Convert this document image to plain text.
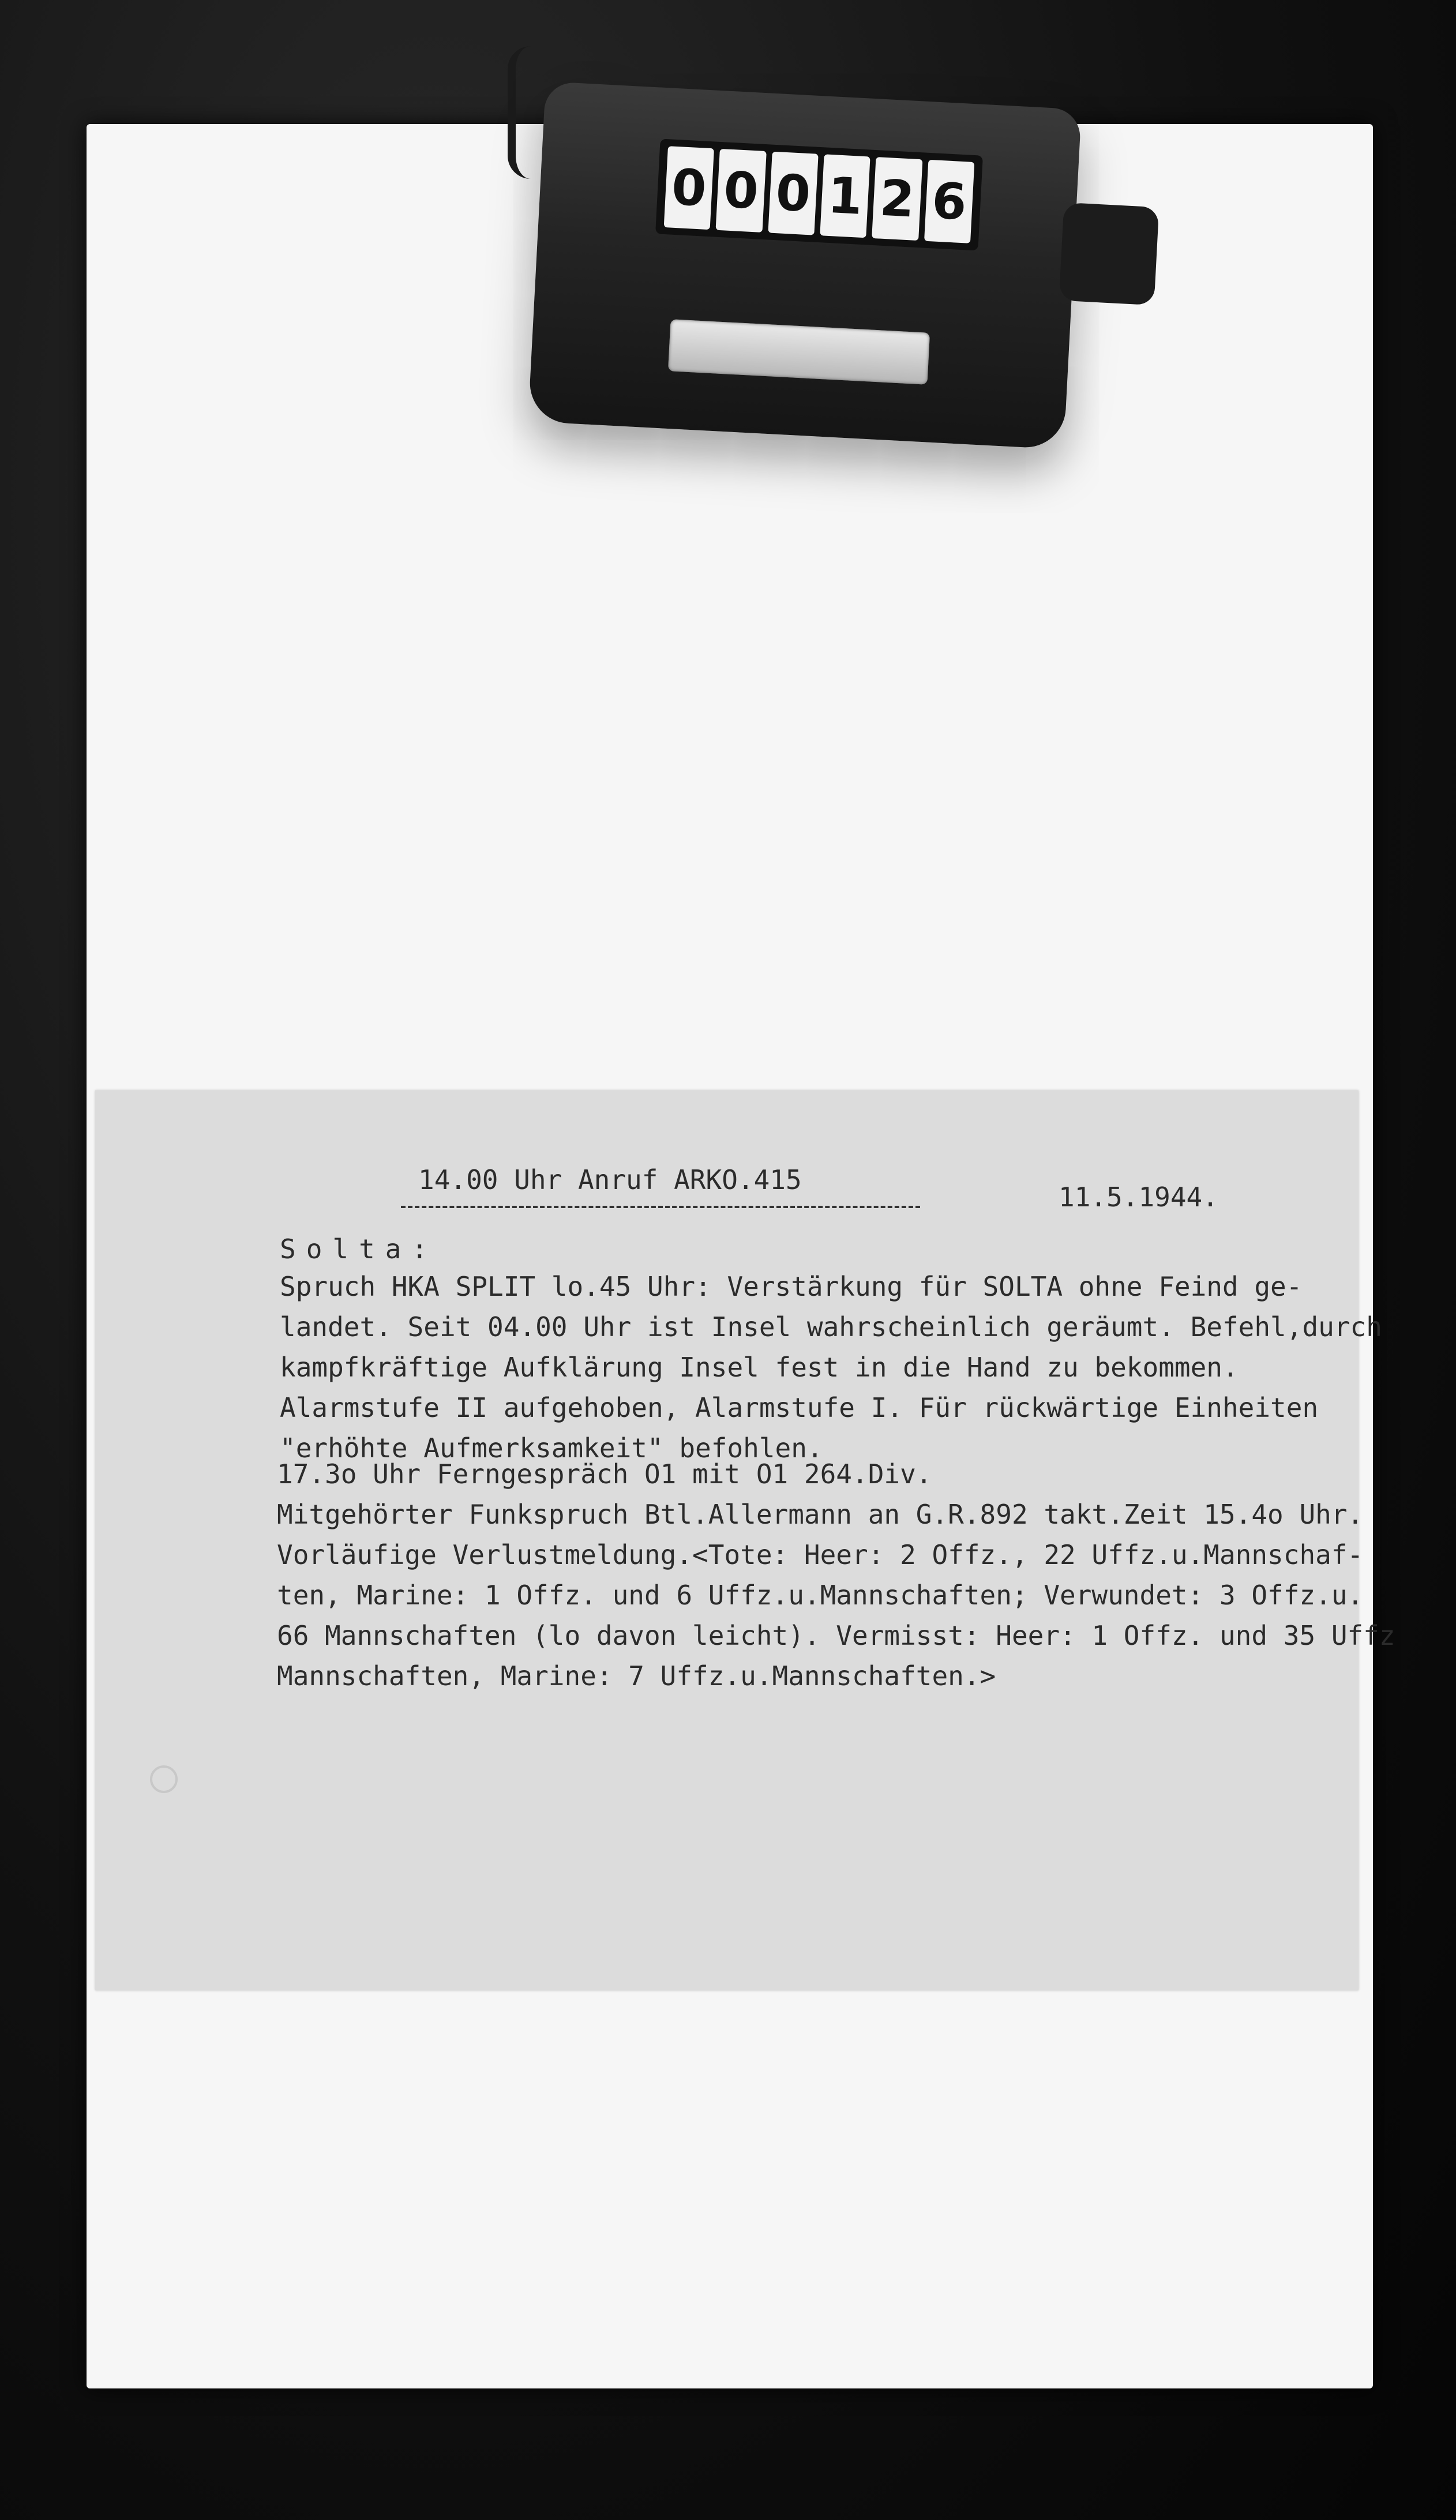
0 0 0 1 2 6
14.00 Uhr Anruf ARKO.415
11.5.1944.
Solta:
Spruch HKA SPLIT lo.45 Uhr: Verstärkung für SOLTA ohne Feind ge-
landet. Seit 04.00 Uhr ist Insel wahrscheinlich geräumt. Befehl,durch
kampfkräftige Aufklärung Insel fest in die Hand zu bekommen.
Alarmstufe II aufgehoben, Alarmstufe I. Für rückwärtige Einheiten
"erhöhte Aufmerksamkeit" befohlen.
17.3o Uhr Ferngespräch O1 mit O1 264.Div.
Mitgehörter Funkspruch Btl.Allermann an G.R.892 takt.Zeit 15.4o Uhr.
Vorläufige Verlustmeldung.<Tote: Heer: 2 Offz., 22 Uffz.u.Mannschaf-
ten, Marine: 1 Offz. und 6 Uffz.u.Mannschaften; Verwundet: 3 Offz.u.
66 Mannschaften (lo davon leicht). Vermisst: Heer: 1 Offz. und 35 Uffz
Mannschaften, Marine: 7 Uffz.u.Mannschaften.>
